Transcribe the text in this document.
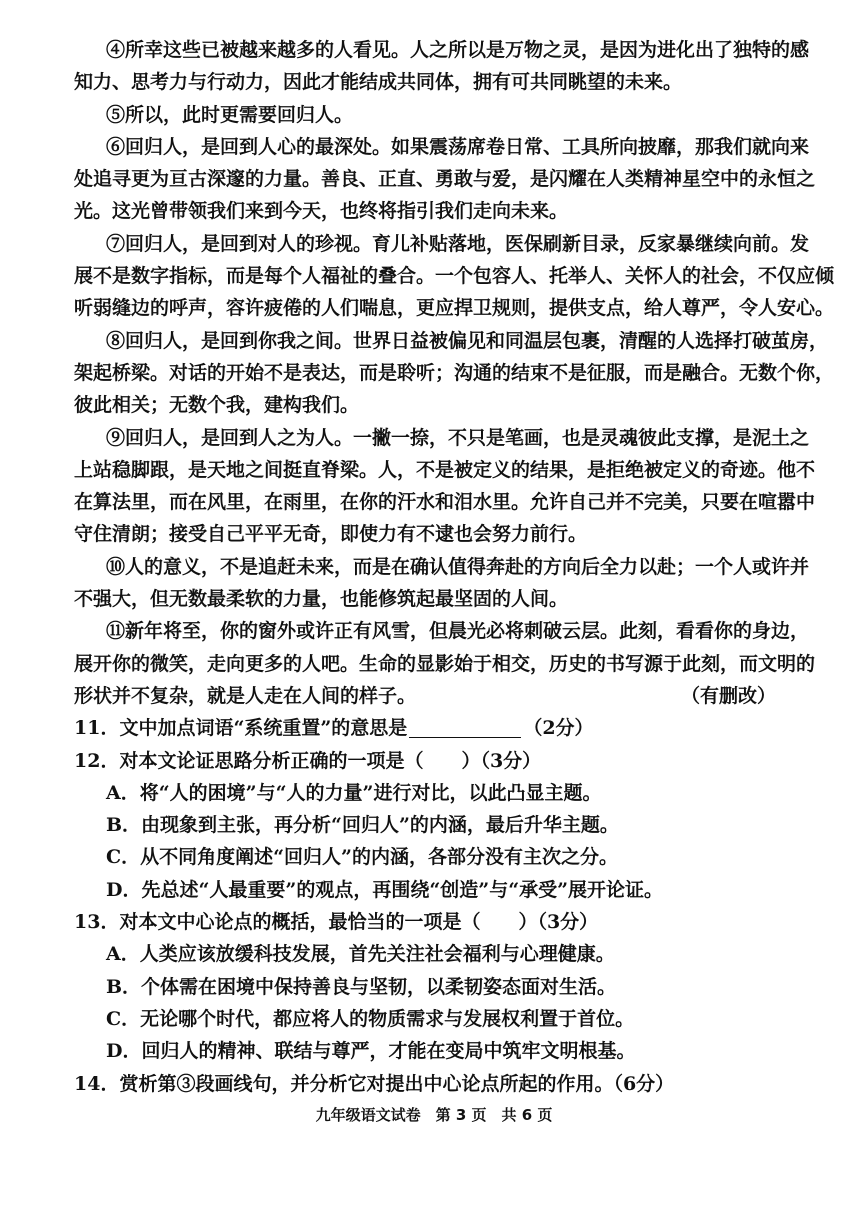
④所幸这些已被越来越多的人看见。人之所以是万物之灵，是因为进化出了独特的感
知力、思考力与行动力，因此才能结成共同体，拥有可共同眺望的未来。
⑤所以，此时更需要回归人。
⑥回归人，是回到人心的最深处。如果震荡席卷日常、工具所向披靡，那我们就向来
处追寻更为亘古深邃的力量。善良、正直、勇敢与爱，是闪耀在人类精神星空中的永恒之
光。这光曾带领我们来到今天，也终将指引我们走向未来。
⑦回归人，是回到对人的珍视。育儿补贴落地，医保刷新目录，反家暴继续向前。发
展不是数字指标，而是每个人福祉的叠合。一个包容人、托举人、关怀人的社会，不仅应倾
听弱缝边的呼声，容许疲倦的人们喘息，更应捍卫规则，提供支点，给人尊严，令人安心。
⑧回归人，是回到你我之间。世界日益被偏见和同温层包裹，清醒的人选择打破茧房，
架起桥梁。对话的开始不是表达，而是聆听；沟通的结束不是征服，而是融合。无数个你，
彼此相关；无数个我，建构我们。
⑨回归人，是回到人之为人。一撇一捺，不只是笔画，也是灵魂彼此支撑，是泥土之
上站稳脚跟，是天地之间挺直脊梁。人，不是被定义的结果，是拒绝被定义的奇迹。他不
在算法里，而在风里，在雨里，在你的汗水和泪水里。允许自己并不完美，只要在喧嚣中
守住清朗；接受自己平平无奇，即使力有不逮也会努力前行。
⑩人的意义，不是追赶未来，而是在确认值得奔赴的方向后全力以赴；一个人或许并
不强大，但无数最柔软的力量，也能修筑起最坚固的人间。
⑪新年将至，你的窗外或许正有风雪，但晨光必将刺破云层。此刻，看看你的身边，
展开你的微笑，走向更多的人吧。生命的显影始于相交，历史的书写源于此刻，而文明的
形状并不复杂，就是人走在人间的样子。	（有删改）
11．文中加点词语“系统重置”的意思是	（2分）
12．对本文论证思路分析正确的一项是（　　）（3分）
A．将“人的困境”与“人的力量”进行对比，以此凸显主题。
B．由现象到主张，再分析“回归人”的内涵，最后升华主题。
C．从不同角度阐述“回归人”的内涵，各部分没有主次之分。
D．先总述“人最重要”的观点，再围绕“创造”与“承受”展开论证。
13．对本文中心论点的概括，最恰当的一项是（　　）（3分）
A．人类应该放缓科技发展，首先关注社会福利与心理健康。
B．个体需在困境中保持善良与坚韧，以柔韧姿态面对生活。
C．无论哪个时代，都应将人的物质需求与发展权利置于首位。
D．回归人的精神、联结与尊严，才能在变局中筑牢文明根基。
14．赏析第③段画线句，并分析它对提出中心论点所起的作用。（6分）
九年级语文试卷　第 3 页　共 6 页
